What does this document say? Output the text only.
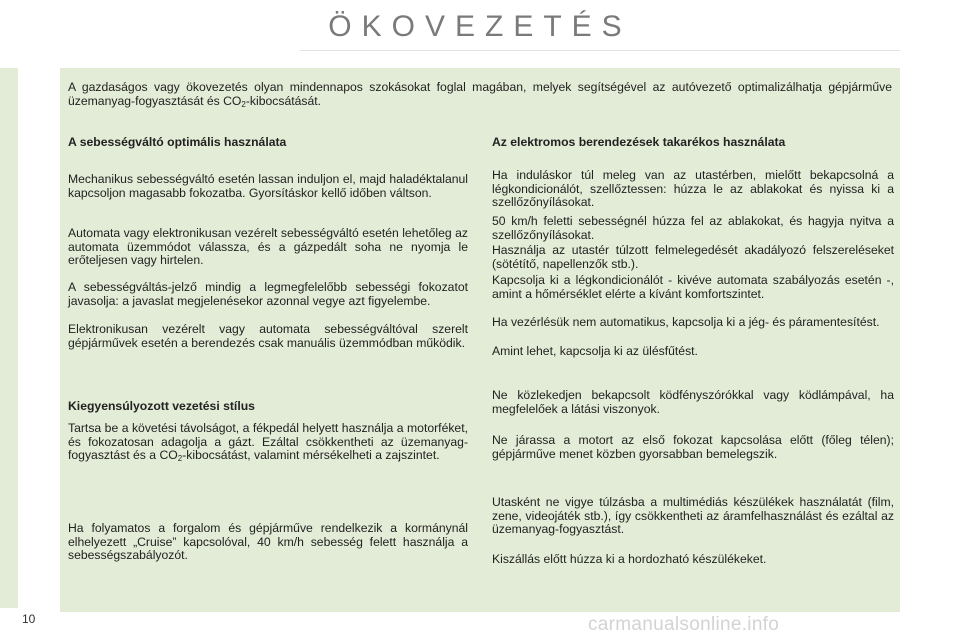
ÖKOVEZETÉS

A gazdaságos vagy ökovezetés olyan mindennapos szokásokat foglal magában, melyek segítségével az autóvezető optimalizálhatja gépjárműve üzemanyag-fogyasztását és $CO_2$-kibocsátását.

A sebességváltó optimális használata

Mechanikus sebességváltó esetén lassan induljon el, majd haladéktalanul kapcsoljon magasabb fokozatba. Gyorsításkor kellő időben váltson.

Automata vagy elektronikusan vezérelt sebességváltó esetén lehetőleg az automata üzemmódot válassza, és a gázpedált soha ne nyomja le erőteljesen vagy hirtelen.

A sebességváltás-jelző mindig a legmegfelelőbb sebességi fokozatot javasolja: a javaslat megjelenésekor azonnal vegye azt figyelembe.

Elektronikusan vezérelt vagy automata sebességváltóval szerelt gépjárművek esetén a berendezés csak manuális üzemmódban működik.

Kiegyensúlyozott vezetési stílus

Tartsa be a követési távolságot, a fékpedál helyett használja a motorféket, és fokozatosan adagolja a gázt. Ezáltal csökkentheti az üzemanyag-fogyasztást és a $CO_2$-kibocsátást, valamint mérsékelheti a zajszintet.

Ha folyamatos a forgalom és gépjárműve rendelkezik a kormánynál elhelyezett „Cruise” kapcsolóval, 40 km/h sebesség felett használja a sebességszabályozót.

Az elektromos berendezések takarékos használata

Ha induláskor túl meleg van az utastérben, mielőtt bekapcsolná a légkondicionálót, szellőztessen: húzza le az ablakokat és nyissa ki a szellőzőnyílásokat.

50 km/h feletti sebességnél húzza fel az ablakokat, és hagyja nyitva a szellőzőnyílásokat.

Használja az utastér túlzott felmelegedését akadályozó felszereléseket (sötétítő, napellenzők stb.).

Kapcsolja ki a légkondicionálót - kivéve automata szabályozás esetén -, amint a hőmérséklet elérte a kívánt komfortszintet.

Ha vezérlésük nem automatikus, kapcsolja ki a jég- és páramentesítést.

Amint lehet, kapcsolja ki az ülésfűtést.

Ne közlekedjen bekapcsolt ködfényszórókkal vagy ködlámpával, ha megfelelőek a látási viszonyok.

Ne járassa a motort az első fokozat kapcsolása előtt (főleg télen); gépjárműve menet közben gyorsabban bemelegszik.

Utasként ne vigye túlzásba a multimédiás készülékek használatát (film, zene, videojáték stb.), így csökkentheti az áramfelhasználást és ezáltal az üzemanyag-fogyasztást.

Kiszállás előtt húzza ki a hordozható készülékeket.

10	carmanualsonline.info
